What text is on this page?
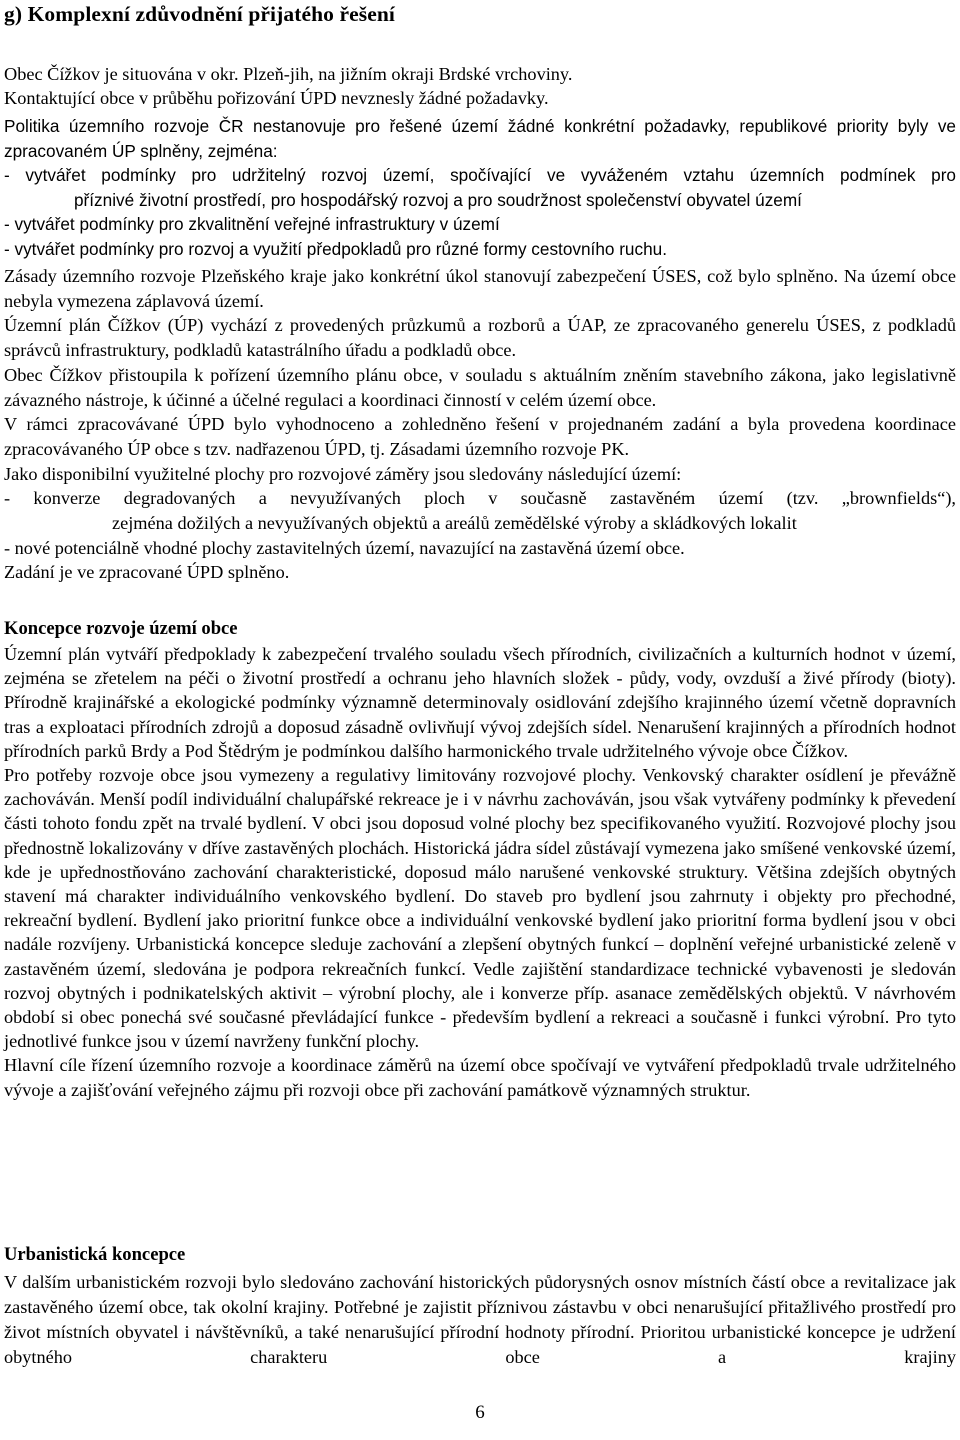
g) Komplexní zdůvodnění přijatého řešení

Obec Čížkov je situována v okr. Plzeň-jih, na jižním okraji Brdské vrchoviny.

Kontaktující obce v průběhu pořizování ÚPD nevznesly žádné požadavky.

Politika územního rozvoje ČR nestanovuje pro řešené území žádné konkrétní požadavky, republikové priority byly ve zpracovaném ÚP splněny, zejména:

- vytvářet podmínky pro udržitelný rozvoj území, spočívající ve vyváženém vztahu územních podmínek pro

příznivé životní prostředí, pro hospodářský rozvoj a pro soudržnost společenství obyvatel území

- vytvářet podmínky pro zkvalitnění veřejné infrastruktury v území

- vytvářet podmínky pro rozvoj a využití předpokladů pro různé formy cestovního ruchu.

Zásady územního rozvoje Plzeňského kraje jako konkrétní úkol stanovují zabezpečení ÚSES, což bylo splněno. Na území obce nebyla vymezena záplavová území.

Územní plán Čížkov (ÚP) vychází z provedených průzkumů a rozborů a ÚAP, ze zpracovaného generelu ÚSES, z podkladů správců infrastruktury, podkladů katastrálního úřadu a podkladů obce.

Obec Čížkov přistoupila k pořízení územního plánu obce, v souladu s aktuálním zněním stavebního zákona, jako legislativně závazného nástroje, k účinné a účelné regulaci a koordinaci činností v celém území obce.

V rámci zpracovávané ÚPD bylo vyhodnoceno a zohledněno řešení v projednaném zadání a byla provedena koordinace zpracovávaného ÚP obce s tzv. nadřazenou ÚPD, tj. Zásadami územního rozvoje PK.

Jako disponibilní využitelné plochy pro rozvojové záměry jsou sledovány následující území:

- konverze degradovaných a nevyužívaných ploch v současně zastavěném území (tzv. „brownfields“),

zejména dožilých a nevyužívaných objektů a areálů zemědělské výroby a skládkových lokalit

- nové potenciálně vhodné plochy zastavitelných území, navazující na zastavěná území obce.

Zadání je ve zpracované ÚPD splněno.

Koncepce rozvoje území obce

Územní plán vytváří předpoklady k zabezpečení trvalého souladu všech přírodních, civilizačních a kulturních hodnot v území, zejména se zřetelem na péči o životní prostředí a ochranu jeho hlavních složek - půdy, vody, ovzduší a živé přírody (bioty). Přírodně krajinářské a ekologické podmínky významně determinovaly osidlování zdejšího krajinného území včetně dopravních tras a exploataci přírodních zdrojů a doposud zásadně ovlivňují vývoj zdejších sídel. Nenarušení krajinných a přírodních hodnot přírodních parků Brdy a Pod Štědrým je podmínkou dalšího harmonického trvale udržitelného vývoje obce Čížkov.

Pro potřeby rozvoje obce jsou vymezeny a regulativy limitovány rozvojové plochy. Venkovský charakter osídlení je převážně zachováván. Menší podíl individuální chalupářské rekreace je i v návrhu zachováván, jsou však vytvářeny podmínky k převedení části tohoto fondu zpět na trvalé bydlení. V obci jsou doposud volné plochy bez specifikovaného využití. Rozvojové plochy jsou přednostně lokalizovány v dříve zastavěných plochách. Historická jádra sídel zůstávají vymezena jako smíšené venkovské území, kde je upřednostňováno zachování charakteristické, doposud málo narušené venkovské struktury. Většina zdejších obytných stavení má charakter individuálního venkovského bydlení. Do staveb pro bydlení jsou zahrnuty i objekty pro přechodné, rekreační bydlení. Bydlení jako prioritní funkce obce a individuální venkovské bydlení jako prioritní forma bydlení jsou v obci nadále rozvíjeny. Urbanistická koncepce sleduje zachování a zlepšení obytných funkcí – doplnění veřejné urbanistické zeleně v zastavěném území, sledována je podpora rekreačních funkcí. Vedle zajištění standardizace technické vybavenosti je sledován rozvoj obytných i podnikatelských aktivit – výrobní plochy, ale i konverze příp. asanace zemědělských objektů. V návrhovém období si obec ponechá své současné převládající funkce - především bydlení a rekreaci a současně i funkci výrobní. Pro tyto jednotlivé funkce jsou v území navrženy funkční plochy.

Hlavní cíle řízení územního rozvoje a koordinace záměrů na území obce spočívají ve vytváření předpokladů trvale udržitelného vývoje a zajišťování veřejného zájmu při rozvoji obce při zachování památkově významných struktur.

Urbanistická koncepce

V dalším urbanistickém rozvoji bylo sledováno zachování historických půdorysných osnov místních částí obce a revitalizace jak zastavěného území obce, tak okolní krajiny. Potřebné je zajistit příznivou zástavbu v obci nenarušující přitažlivého prostředí pro život místních obyvatel i návštěvníků, a také nenarušující přírodní hodnoty přírodní. Prioritou urbanistické koncepce je udržení obytného charakteru obce a krajiny

6
